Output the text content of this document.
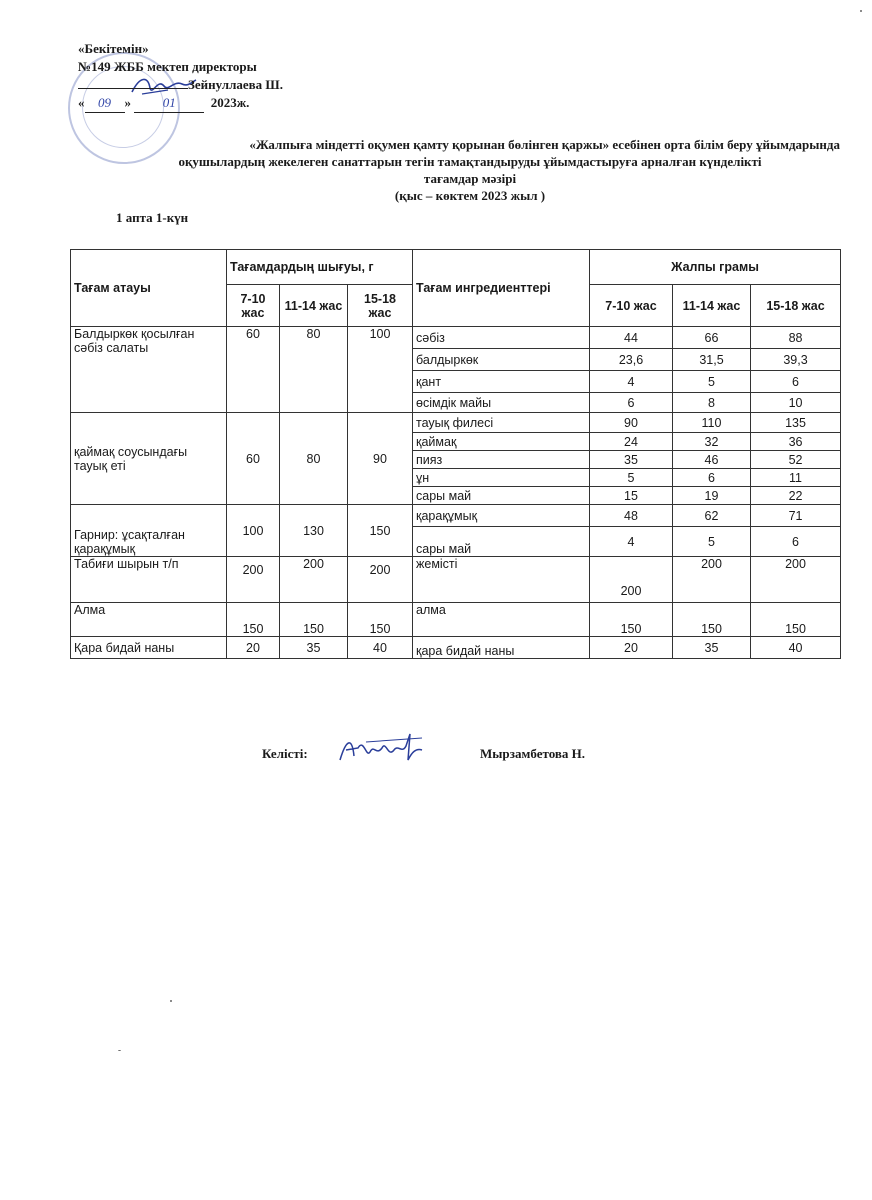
«Бекітемін»
№149 ЖББ мектеп директоры
Зейнуллаева Ш.
« 09 » 01	2023ж.
«Жалпыға міндетті оқумен қамту қорынан бөлінген қаржы» есебінен орта білім беру ұйымдарында
оқушылардың жекелеген санаттарын тегін тамақтандыруды ұйымдастыруға арналған күнделікті
тағамдар мәзірі
(қыс – көктем 2023 жыл )
1 апта 1-күн
Тағам атауы	Тағамдардың шығуы, г			Тағам ингредиенттері	Жалпы грамы		
	7-10 жас	11-14 жас	15-18 жас		7-10 жас	11-14 жас	15-18 жас
Балдыркөк қосылған сәбіз салаты	60	80	100	сәбіз	44	66	88
				балдыркөк	23,6	31,5	39,3
				қант	4	5	6
				өсімдік майы	6	8	10
қаймақ соусындағы тауық еті	60	80	90	тауық филесі	90	110	135
				қаймақ	24	32	36
				пияз	35	46	52
				ұн	5	6	11
				сары май	15	19	22
Гарнир: ұсақталған қарақұмық	100	130	150	қарақұмық	48	62	71
				сары май	4	5	6
Табиғи шырын т/п	200	200	200	жемісті	200	200	200
Алма	150	150	150	алма	150	150	150
Қара бидай наны	20	35	40	қара бидай наны	20	35	40
Келісті:	Мырзамбетова Н.
